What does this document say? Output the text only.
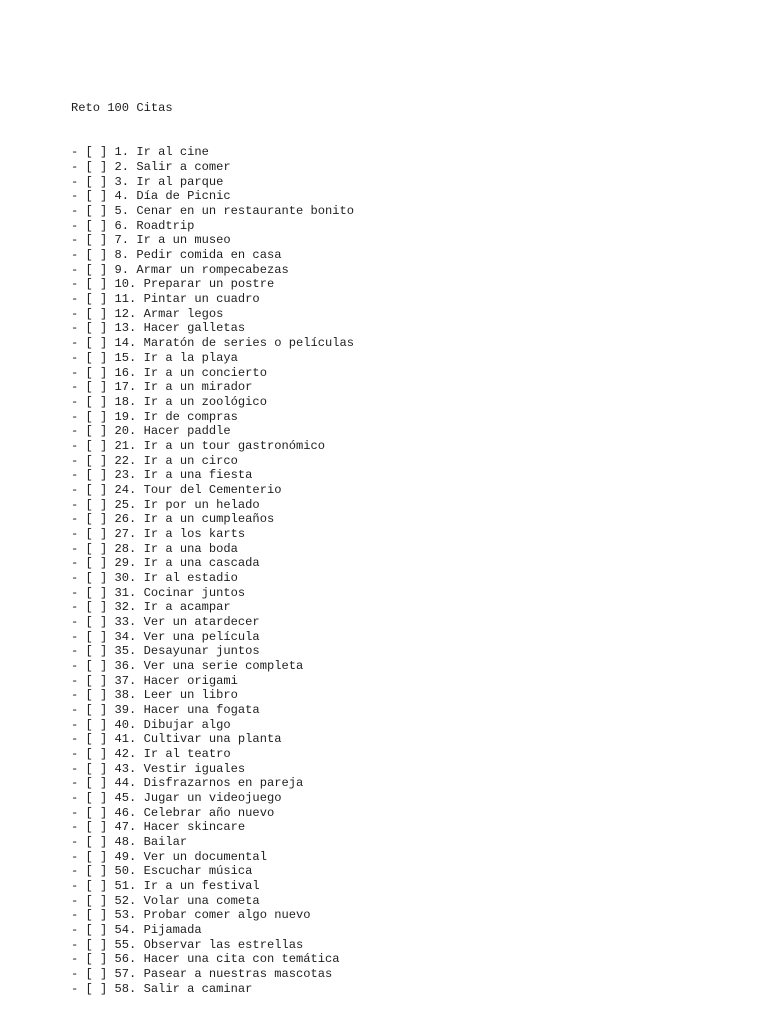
Reto 100 Citas

- [ ] 1. Ir al cine
- [ ] 2. Salir a comer
- [ ] 3. Ir al parque
- [ ] 4. Día de Picnic
- [ ] 5. Cenar en un restaurante bonito
- [ ] 6. Roadtrip
- [ ] 7. Ir a un museo
- [ ] 8. Pedir comida en casa
- [ ] 9. Armar un rompecabezas
- [ ] 10. Preparar un postre
- [ ] 11. Pintar un cuadro
- [ ] 12. Armar legos
- [ ] 13. Hacer galletas
- [ ] 14. Maratón de series o películas
- [ ] 15. Ir a la playa
- [ ] 16. Ir a un concierto
- [ ] 17. Ir a un mirador
- [ ] 18. Ir a un zoológico
- [ ] 19. Ir de compras
- [ ] 20. Hacer paddle
- [ ] 21. Ir a un tour gastronómico
- [ ] 22. Ir a un circo
- [ ] 23. Ir a una fiesta
- [ ] 24. Tour del Cementerio
- [ ] 25. Ir por un helado
- [ ] 26. Ir a un cumpleaños
- [ ] 27. Ir a los karts
- [ ] 28. Ir a una boda
- [ ] 29. Ir a una cascada
- [ ] 30. Ir al estadio
- [ ] 31. Cocinar juntos
- [ ] 32. Ir a acampar
- [ ] 33. Ver un atardecer
- [ ] 34. Ver una película
- [ ] 35. Desayunar juntos
- [ ] 36. Ver una serie completa
- [ ] 37. Hacer origami
- [ ] 38. Leer un libro
- [ ] 39. Hacer una fogata
- [ ] 40. Dibujar algo
- [ ] 41. Cultivar una planta
- [ ] 42. Ir al teatro
- [ ] 43. Vestir iguales
- [ ] 44. Disfrazarnos en pareja
- [ ] 45. Jugar un videojuego
- [ ] 46. Celebrar año nuevo
- [ ] 47. Hacer skincare
- [ ] 48. Bailar
- [ ] 49. Ver un documental
- [ ] 50. Escuchar música
- [ ] 51. Ir a un festival
- [ ] 52. Volar una cometa
- [ ] 53. Probar comer algo nuevo
- [ ] 54. Pijamada
- [ ] 55. Observar las estrellas
- [ ] 56. Hacer una cita con temática
- [ ] 57. Pasear a nuestras mascotas
- [ ] 58. Salir a caminar
